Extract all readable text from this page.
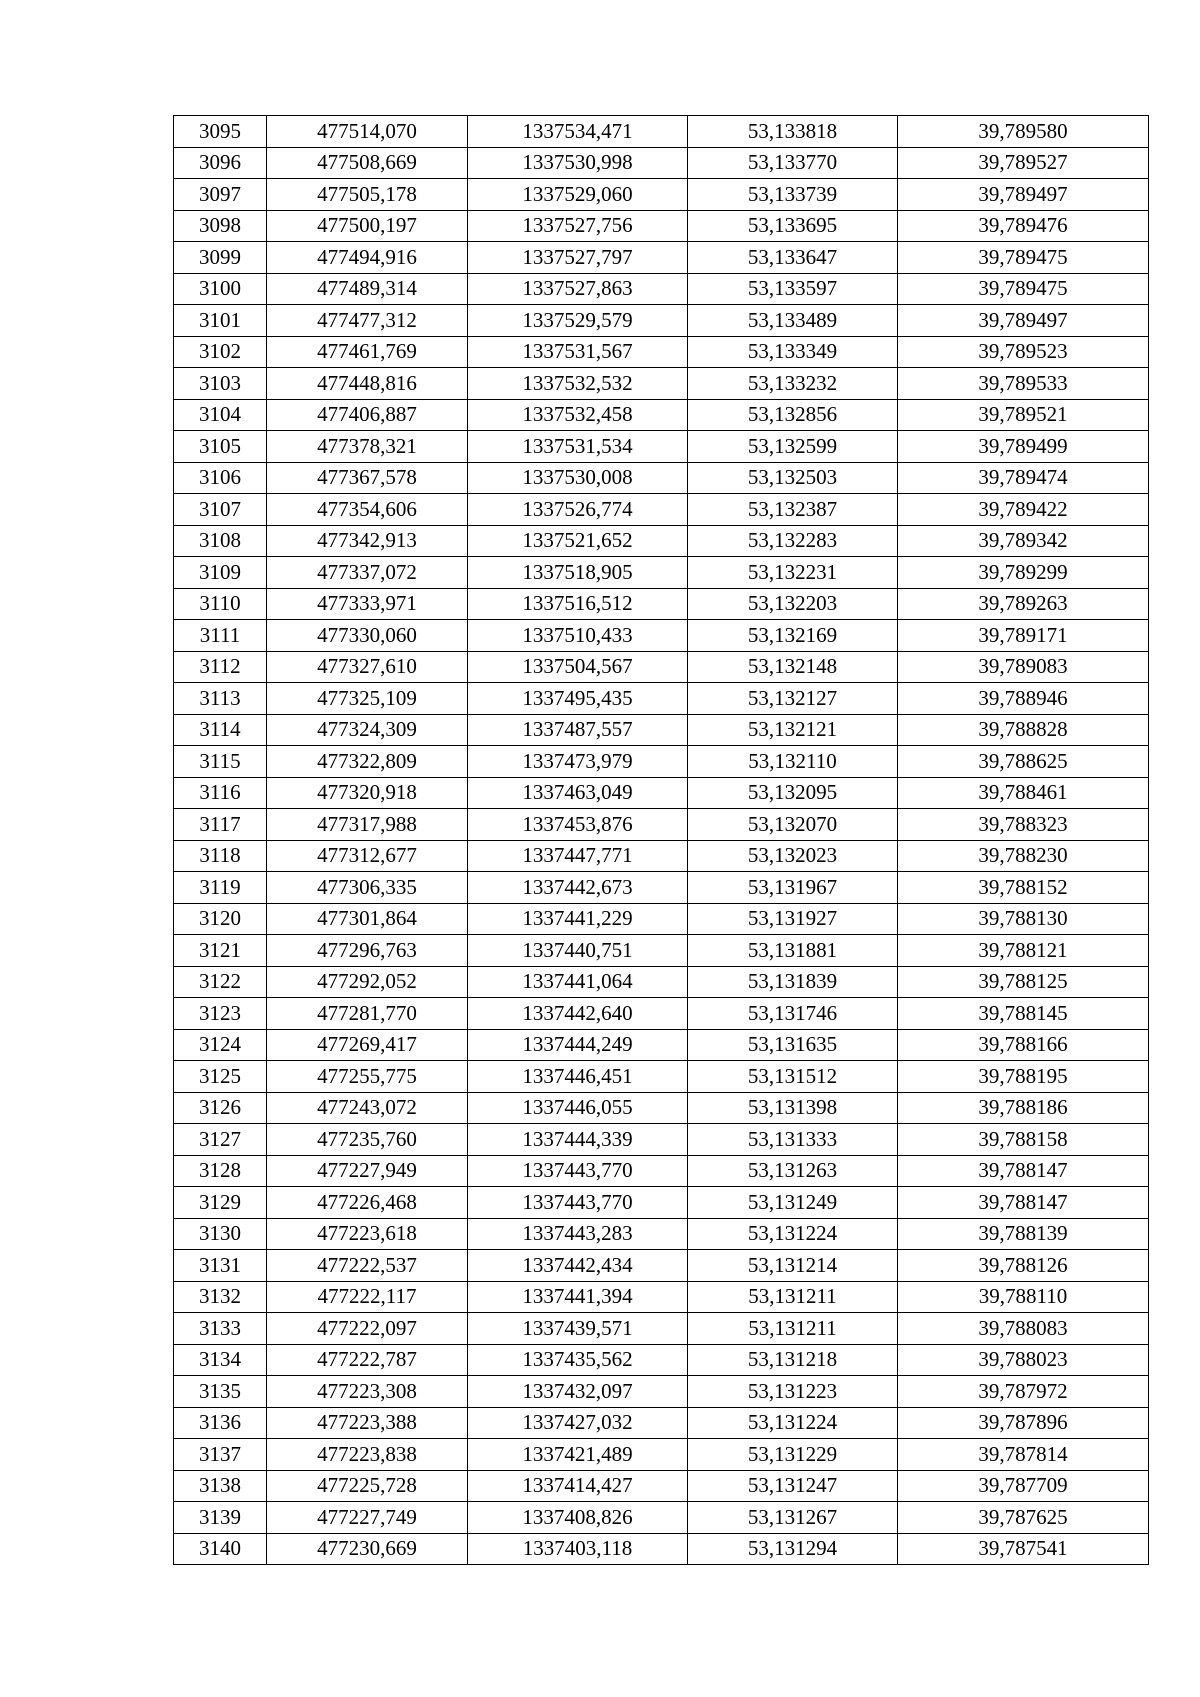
3095	477514,070	1337534,471	53,133818	39,789580
3096	477508,669	1337530,998	53,133770	39,789527
3097	477505,178	1337529,060	53,133739	39,789497
3098	477500,197	1337527,756	53,133695	39,789476
3099	477494,916	1337527,797	53,133647	39,789475
3100	477489,314	1337527,863	53,133597	39,789475
3101	477477,312	1337529,579	53,133489	39,789497
3102	477461,769	1337531,567	53,133349	39,789523
3103	477448,816	1337532,532	53,133232	39,789533
3104	477406,887	1337532,458	53,132856	39,789521
3105	477378,321	1337531,534	53,132599	39,789499
3106	477367,578	1337530,008	53,132503	39,789474
3107	477354,606	1337526,774	53,132387	39,789422
3108	477342,913	1337521,652	53,132283	39,789342
3109	477337,072	1337518,905	53,132231	39,789299
3110	477333,971	1337516,512	53,132203	39,789263
3111	477330,060	1337510,433	53,132169	39,789171
3112	477327,610	1337504,567	53,132148	39,789083
3113	477325,109	1337495,435	53,132127	39,788946
3114	477324,309	1337487,557	53,132121	39,788828
3115	477322,809	1337473,979	53,132110	39,788625
3116	477320,918	1337463,049	53,132095	39,788461
3117	477317,988	1337453,876	53,132070	39,788323
3118	477312,677	1337447,771	53,132023	39,788230
3119	477306,335	1337442,673	53,131967	39,788152
3120	477301,864	1337441,229	53,131927	39,788130
3121	477296,763	1337440,751	53,131881	39,788121
3122	477292,052	1337441,064	53,131839	39,788125
3123	477281,770	1337442,640	53,131746	39,788145
3124	477269,417	1337444,249	53,131635	39,788166
3125	477255,775	1337446,451	53,131512	39,788195
3126	477243,072	1337446,055	53,131398	39,788186
3127	477235,760	1337444,339	53,131333	39,788158
3128	477227,949	1337443,770	53,131263	39,788147
3129	477226,468	1337443,770	53,131249	39,788147
3130	477223,618	1337443,283	53,131224	39,788139
3131	477222,537	1337442,434	53,131214	39,788126
3132	477222,117	1337441,394	53,131211	39,788110
3133	477222,097	1337439,571	53,131211	39,788083
3134	477222,787	1337435,562	53,131218	39,788023
3135	477223,308	1337432,097	53,131223	39,787972
3136	477223,388	1337427,032	53,131224	39,787896
3137	477223,838	1337421,489	53,131229	39,787814
3138	477225,728	1337414,427	53,131247	39,787709
3139	477227,749	1337408,826	53,131267	39,787625
3140	477230,669	1337403,118	53,131294	39,787541
